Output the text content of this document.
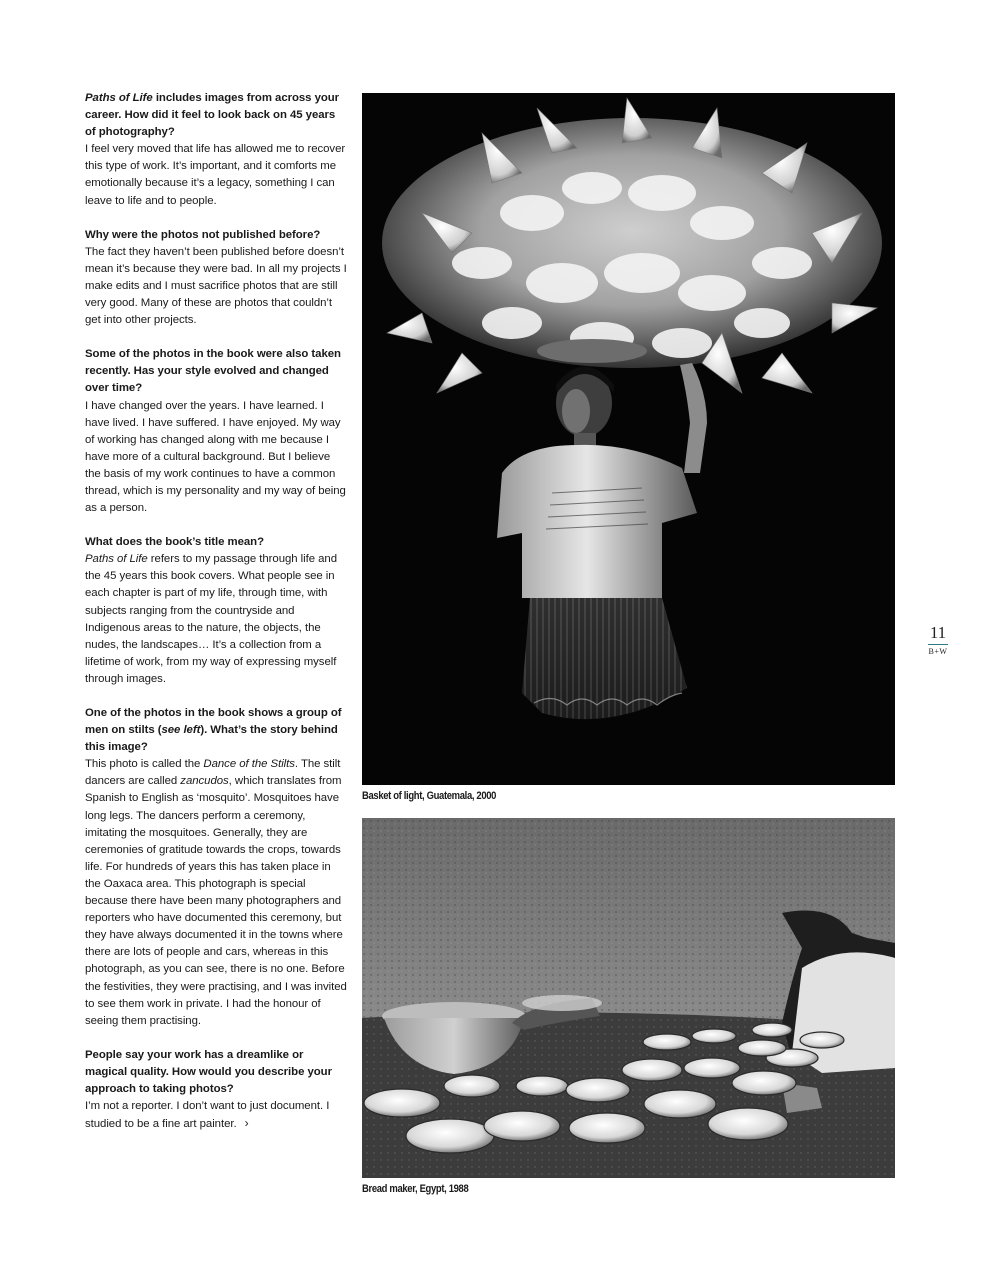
Paths of Life includes images from across your career. How did it feel to look back on 45 years of photography?

I feel very moved that life has allowed me to recover this type of work. It’s important, and it comforts me emotionally because it’s a legacy, something I can leave to life and to people.

Why were the photos not published before?

The fact they haven’t been published before doesn’t mean it’s because they were bad. In all my projects I make edits and I must sacrifice photos that are still very good. Many of these are photos that couldn’t get into other projects.

Some of the photos in the book were also taken recently. Has your style evolved and changed over time?

I have changed over the years. I have learned. I have lived. I have suffered. I have enjoyed. My way of working has changed along with me because I have more of a cultural background. But I believe the basis of my work continues to have a common thread, which is my personality and my way of being as a person.

What does the book’s title mean?

Paths of Life refers to my passage through life and the 45 years this book covers. What people see in each chapter is part of my life, through time, with subjects ranging from the countryside and Indigenous areas to the nature, the objects, the nudes, the landscapes… It’s a collection from a lifetime of work, from my way of expressing myself through images.

One of the photos in the book shows a group of men on stilts (see left). What’s the story behind this image?

This photo is called the Dance of the Stilts. The stilt dancers are called zancudos, which translates from Spanish to English as ‘mosquito’. Mosquitoes have long legs. The dancers perform a ceremony, imitating the mosquitoes. Generally, they are ceremonies of gratitude towards the crops, towards life. For hundreds of years this has taken place in the Oaxaca area. This photograph is special because there have been many photographers and reporters who have documented this ceremony, but they have always documented it in the towns where there are lots of people and cars, whereas in this photograph, as you can see, there is no one. Before the festivities, they were practising, and I was invited to see them work in private. I had the honour of seeing them practising.

People say your work has a dreamlike or magical quality. How would you describe your approach to taking photos?

I’m not a reporter. I don’t want to just document. I studied to be a fine art painter. ›

Basket of light, Guatemala, 2000
Bread maker, Egypt, 1988
11
B+W
